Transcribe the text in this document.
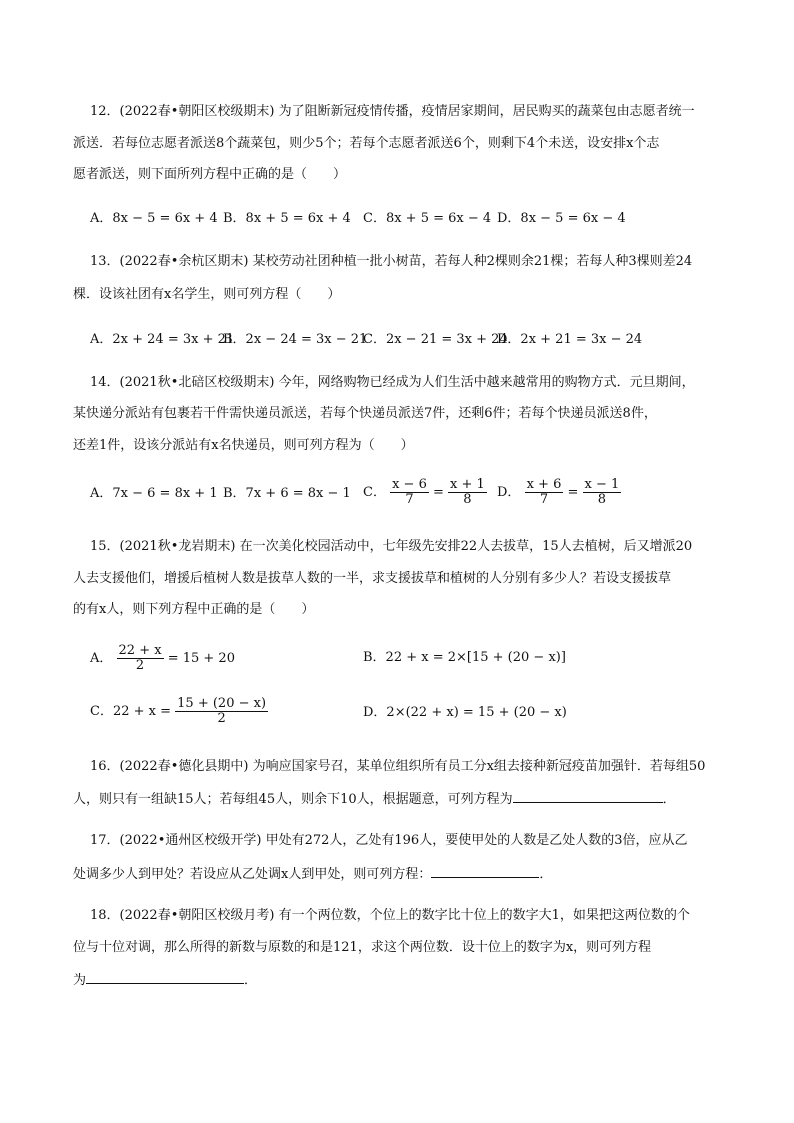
12．(2022春•朝阳区校级期末) 为了阻断新冠疫情传播，疫情居家期间，居民购买的蔬菜包由志愿者统一
派送．若每位志愿者派送8个蔬菜包，则少5个；若每个志愿者派送6个，则剩下4个未送，设安排x个志
愿者派送，则下面所列方程中正确的是（　　）
A．8x − 5 = 6x + 4 B．8x + 5 = 6x + 4 C．8x + 5 = 6x − 4 D．8x − 5 = 6x − 4
13．(2022春•余杭区期末) 某校劳动社团种植一批小树苗，若每人种2棵则余21棵；若每人种3棵则差24
棵．设该社团有x名学生，则可列方程（　　）
A．2x + 24 = 3x + 21
B．2x − 24 = 3x − 21
C．2x − 21 = 3x + 24
D．2x + 21 = 3x − 24
14．(2021秋•北碚区校级期末) 今年，网络购物已经成为人们生活中越来越常用的购物方式．元旦期间，
某快递分派站有包裹若干件需快递员派送，若每个快递员派送7件，还剩6件；若每个快递员派送8件，
还差1件，设该分派站有x名快递员，则可列方程为（　　）
A．7x − 6 = 8x + 1 B．7x + 6 = 8x − 1 C． $\frac{x - 6}{7} = \frac{x + 1}{8}$ D． $\frac{x + 6}{7} = \frac{x - 1}{8}$
15．(2021秋•龙岩期末) 在一次美化校园活动中，七年级先安排22人去拔草，15人去植树，后又增派20
人去支援他们，增援后植树人数是拔草人数的一半，求支援拔草和植树的人分别有多少人？若设支援拔草
的有x人，则下列方程中正确的是（　　）
A． $\frac{22 + x}{2} = 15 + 20$	B．22 + x = 2×[15 + (20 − x)]
C．$22 + x = \frac{15 + (20 - x)}{2}$	D．2×(22 + x) = 15 + (20 − x)
16．(2022春•德化县期中) 为响应国家号召，某单位组织所有员工分x组去接种新冠疫苗加强针．若每组50
人，则只有一组缺15人；若每组45人，则余下10人，根据题意，可列方程为	．
17．(2022•通州区校级开学) 甲处有272人，乙处有196人，要使甲处的人数是乙处人数的3倍，应从乙
处调多少人到甲处？若设应从乙处调x人到甲处，则可列方程：	．
18．(2022春•朝阳区校级月考) 有一个两位数，个位上的数字比十位上的数字大1，如果把这两位数的个
位与十位对调，那么所得的新数与原数的和是121，求这个两位数．设十位上的数字为x，则可列方程
为	．
